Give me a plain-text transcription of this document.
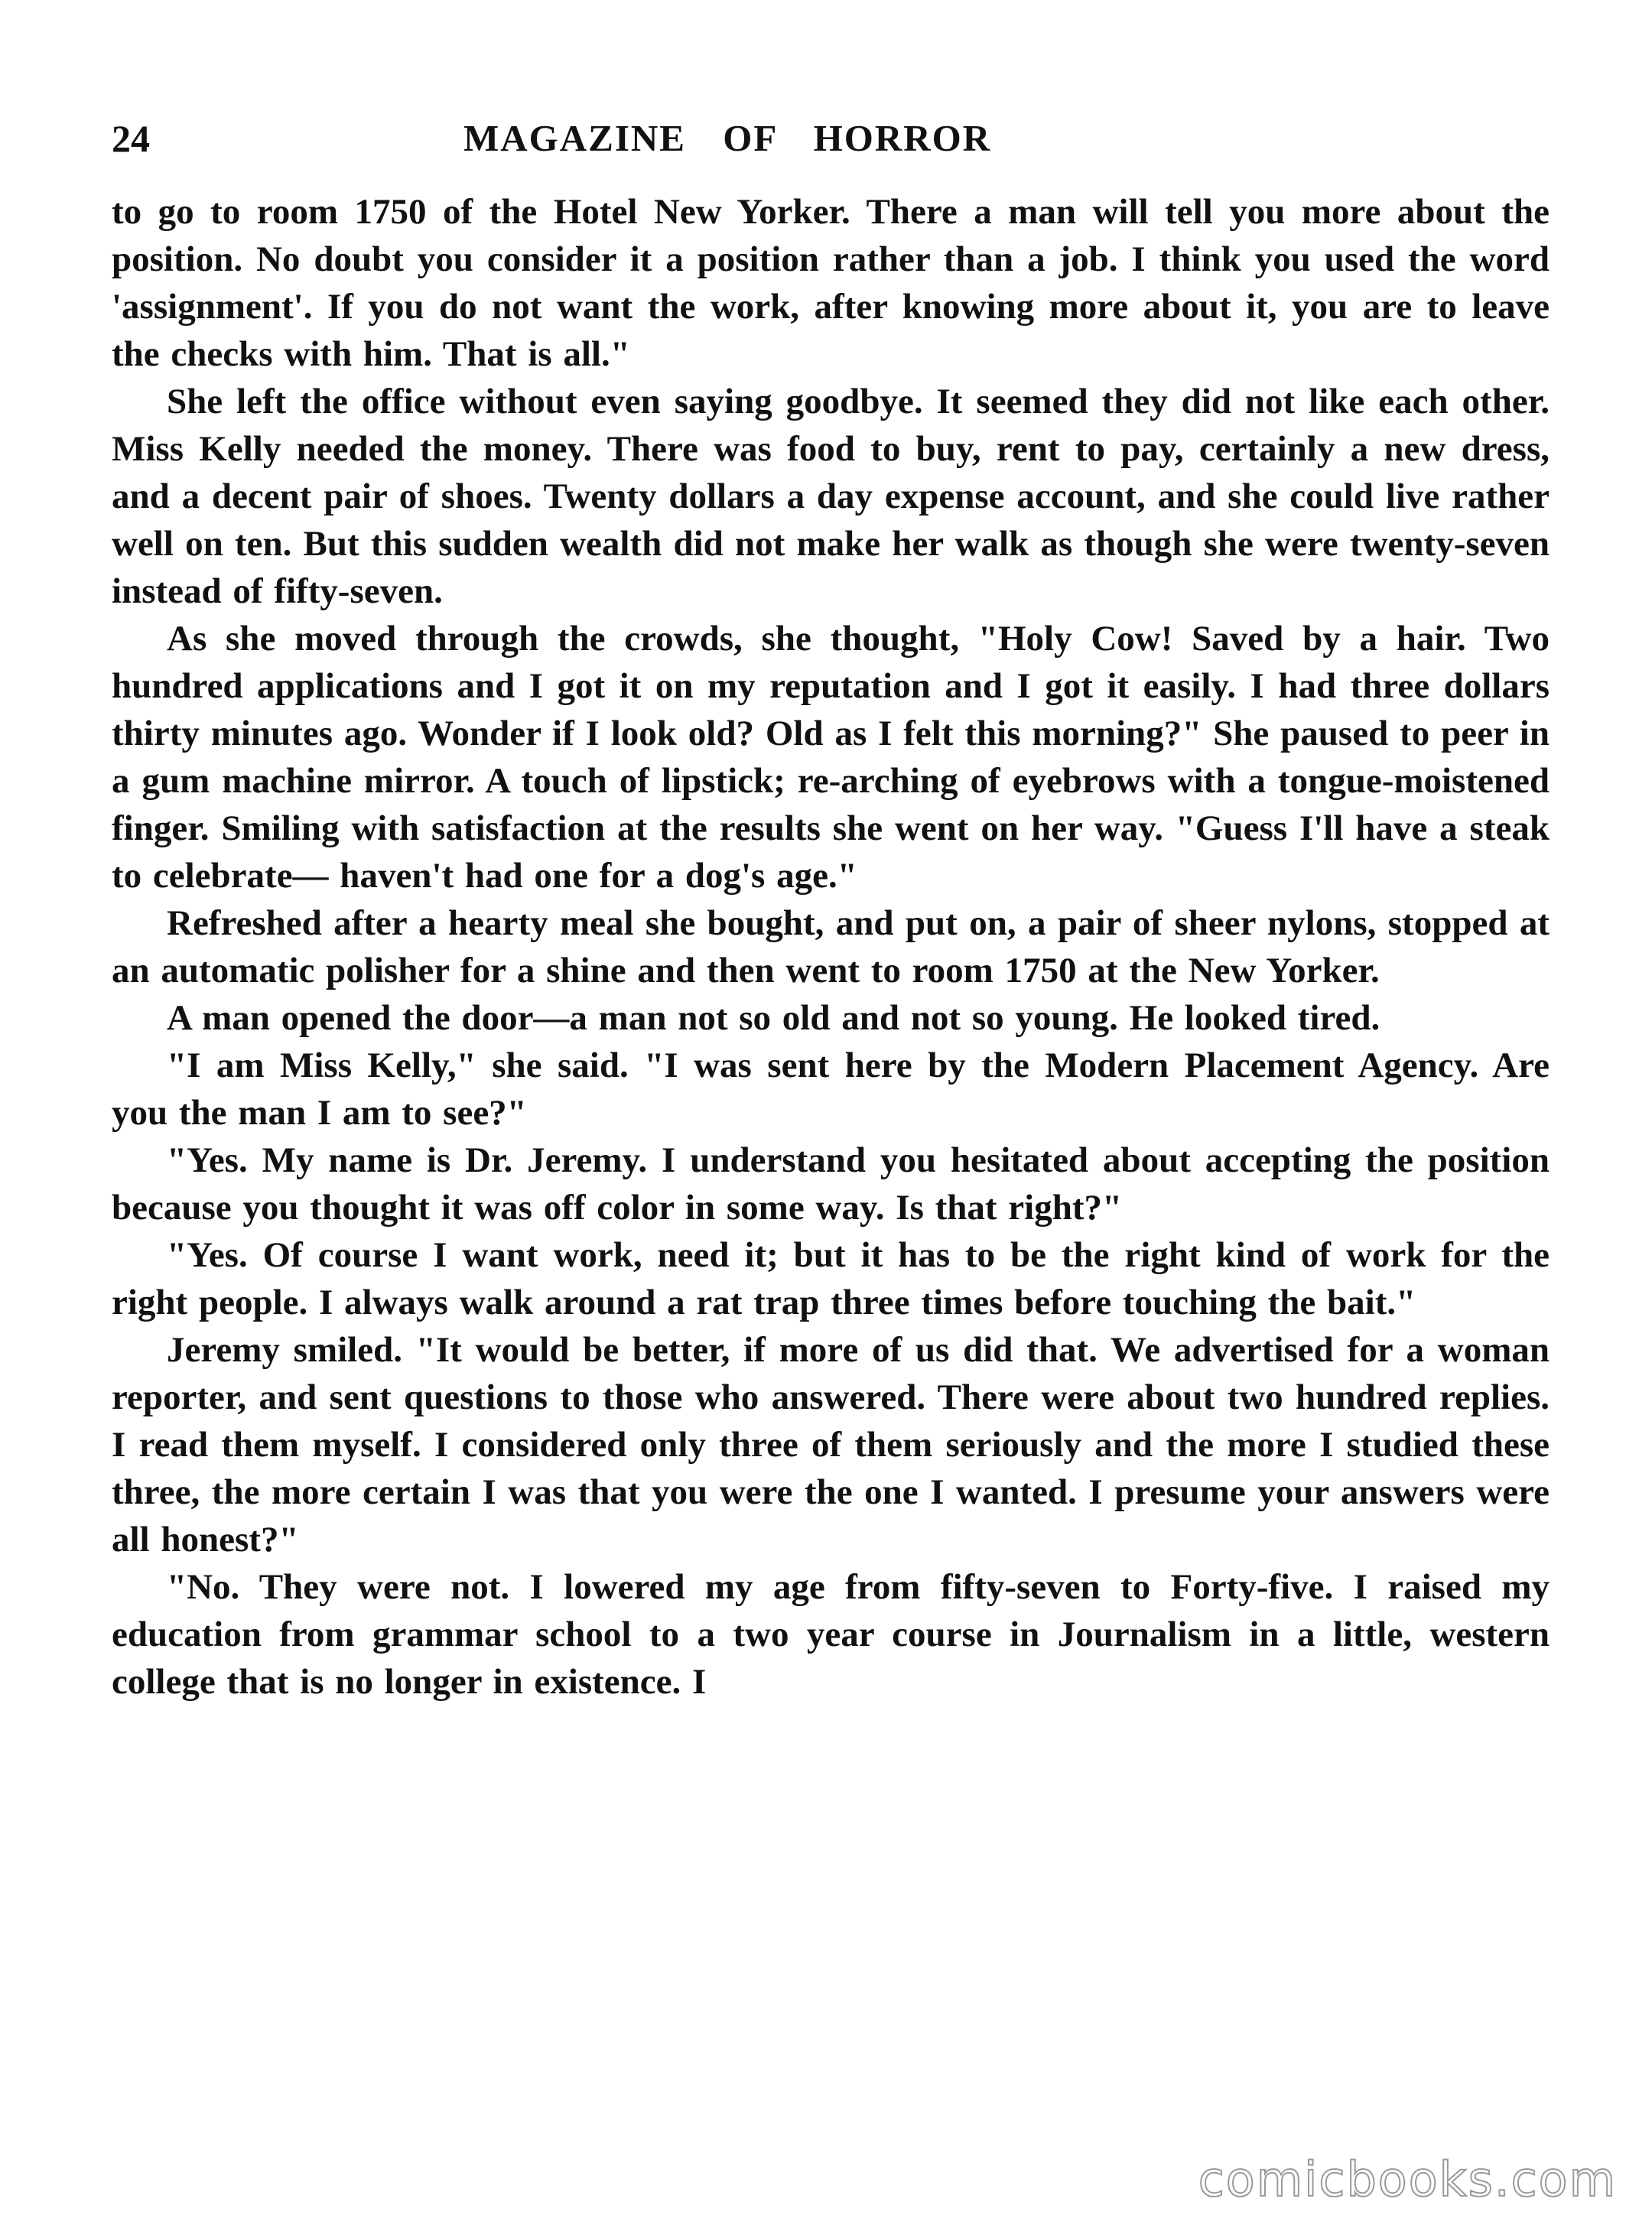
24	MAGAZINE OF HORROR

to go to room 1750 of the Hotel New Yorker. There a man will tell you more about the position. No doubt you consider it a position rather than a job. I think you used the word 'assignment'. If you do not want the work, after knowing more about it, you are to leave the checks with him. That is all."

She left the office without even saying goodbye. It seemed they did not like each other. Miss Kelly needed the money. There was food to buy, rent to pay, certainly a new dress, and a decent pair of shoes. Twenty dollars a day expense account, and she could live rather well on ten. But this sudden wealth did not make her walk as though she were twenty-seven instead of fifty-seven.

As she moved through the crowds, she thought, "Holy Cow! Saved by a hair. Two hundred applications and I got it on my reputation and I got it easily. I had three dollars thirty minutes ago. Wonder if I look old? Old as I felt this morning?" She paused to peer in a gum machine mirror. A touch of lipstick; re-arching of eyebrows with a tongue-moistened finger. Smiling with satisfaction at the results she went on her way. "Guess I'll have a steak to celebrate— haven't had one for a dog's age."

Refreshed after a hearty meal she bought, and put on, a pair of sheer nylons, stopped at an automatic polisher for a shine and then went to room 1750 at the New Yorker.

A man opened the door—a man not so old and not so young. He looked tired.

"I am Miss Kelly," she said. "I was sent here by the Modern Placement Agency. Are you the man I am to see?"

"Yes. My name is Dr. Jeremy. I understand you hesitated about accepting the position because you thought it was off color in some way. Is that right?"

"Yes. Of course I want work, need it; but it has to be the right kind of work for the right people. I always walk around a rat trap three times before touching the bait."

Jeremy smiled. "It would be better, if more of us did that. We advertised for a woman reporter, and sent questions to those who answered. There were about two hundred replies. I read them myself. I considered only three of them seriously and the more I studied these three, the more certain I was that you were the one I wanted. I presume your answers were all honest?"

"No. They were not. I lowered my age from fifty-seven to Forty-five. I raised my education from grammar school to a two year course in Journalism in a little, western college that is no longer in existence. I

comicbooks.com
